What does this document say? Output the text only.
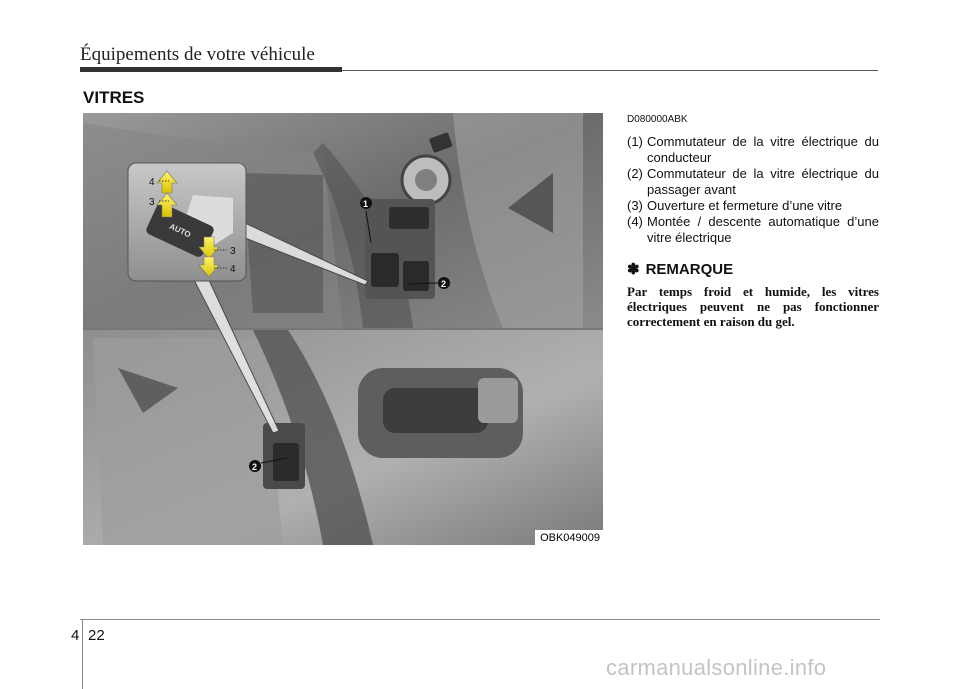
Équipements de votre véhicule
VITRES
AUTO
4
3
3
4
1
2
2
OBK049009
D080000ABK
(1) Commutateur de la vitre électrique du conducteur
(2) Commutateur de la vitre électrique du passager avant
(3) Ouverture et fermeture d’une vitre
(4) Montée / descente automatique d’une vitre électrique
✽ REMARQUE
Par temps froid et humide, les vitres électriques peuvent ne pas fonctionner correctement en raison du gel.
4 22
carmanualsonline.info
